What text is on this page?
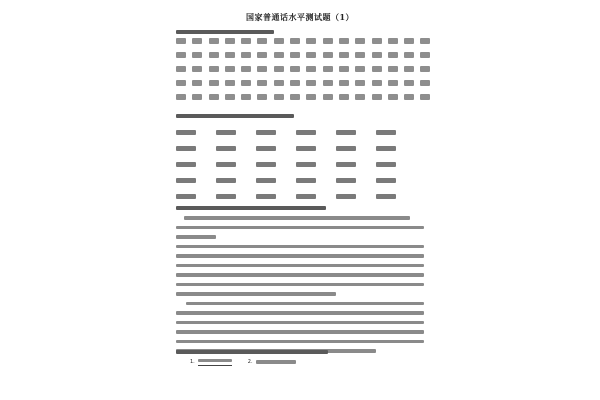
国家普通话水平测试题（1）
1.	2.
